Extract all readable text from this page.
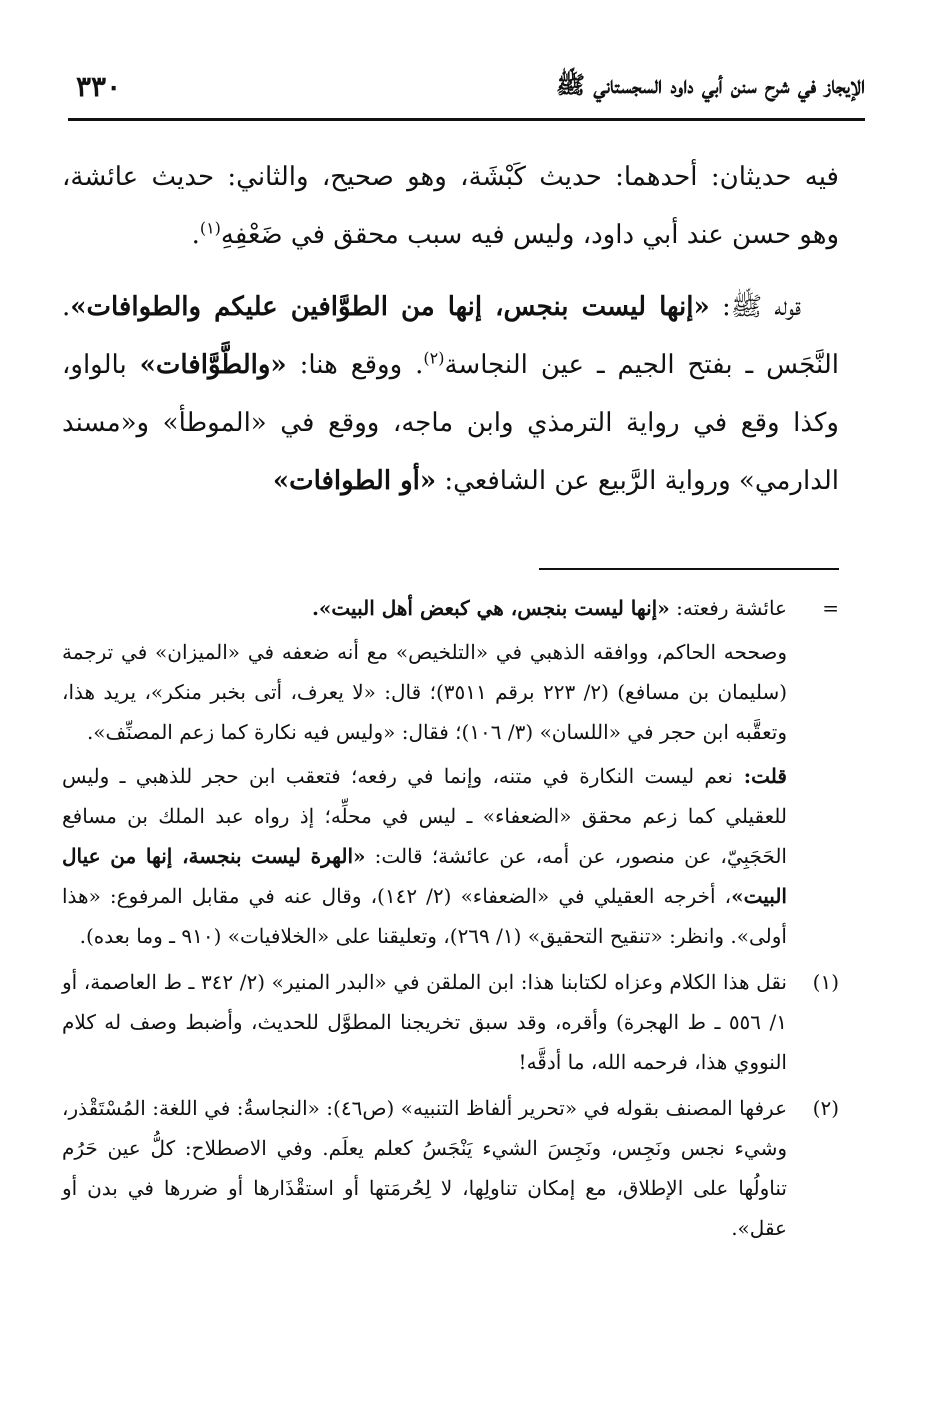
٣٣٠	الإيجاز في شرح سنن أبي داود السجستاني ﷺ

فيه حديثان: أحدهما: حديث كَبْشَة، وهو صحيح، والثاني: حديث عائشة، وهو حسن عند أبي داود، وليس فيه سبب محقق في ضَعْفِهِ$^{(١)}$.

قوله ﷺ: «إنها ليست بنجس، إنها من الطوَّافين عليكم والطوافات». النَّجَس ـ بفتح الجيم ـ عين النجاسة$^{(٢)}$. ووقع هنا: «والطَّوَّافات» بالواو، وكذا وقع في رواية الترمذي وابن ماجه، ووقع في «الموطأ» و«مسند الدارمي» ورواية الرَّبيع عن الشافعي: «أو الطوافات»

=

عائشة رفعته: «إنها ليست بنجس، هي كبعض أهل البيت».

وصححه الحاكم، ووافقه الذهبي في «التلخيص» مع أنه ضعفه في «الميزان» في ترجمة (سليمان بن مسافع) (٢/ ٢٢٣ برقم ٣٥١١)؛ قال: «لا يعرف، أتى بخبر منكر»، يريد هذا، وتعقَّبه ابن حجر في «اللسان» (٣/ ١٠٦)؛ فقال: «وليس فيه نكارة كما زعم المصنِّف».

قلت: نعم ليست النكارة في متنه، وإنما في رفعه؛ فتعقب ابن حجر للذهبي ـ وليس للعقيلي كما زعم محقق «الضعفاء» ـ ليس في محلِّه؛ إذ رواه عبد الملك بن مسافع الحَجَبِيّ، عن منصور، عن أمه، عن عائشة؛ قالت: «الهرة ليست بنجسة، إنها من عيال البيت»، أخرجه العقيلي في «الضعفاء» (٢/ ١٤٢)، وقال عنه في مقابل المرفوع: «هذا أولى». وانظر: «تنقيح التحقيق» (١/ ٢٦٩)، وتعليقنا على «الخلافيات» (٩١٠ ـ وما بعده).

(١)

نقل هذا الكلام وعزاه لكتابنا هذا: ابن الملقن في «البدر المنير» (٢/ ٣٤٢ ـ ط العاصمة، أو ١/ ٥٥٦ ـ ط الهجرة) وأقره، وقد سبق تخريجنا المطوَّل للحديث، وأضبط وصف له كلام النووي هذا، فرحمه الله، ما أدقَّه!

(٢)

عرفها المصنف بقوله في «تحرير ألفاظ التنبيه» (ص٤٦): «النجاسةُ: في اللغة: المُسْتَقْذر، وشيء نجس ونَجِس، ونَجِسَ الشيء يَنْجَسُ كعلم يعلَم. وفي الاصطلاح: كلُّ عين حَرُم تناولُها على الإطلاق، مع إمكان تناولِها، لا لِحُرمَتها أو استقْذَارها أو ضررها في بدن أو عقل».
